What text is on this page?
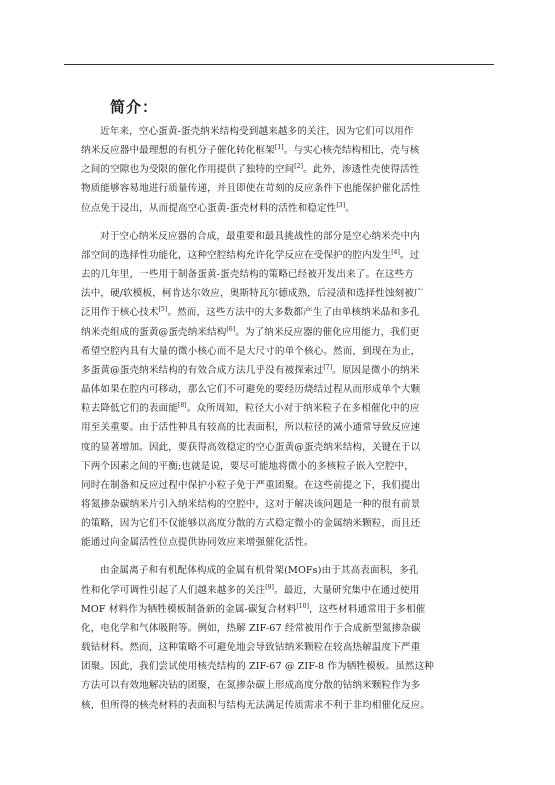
简介：
近年来，空心蛋黄-蛋壳纳米结构受到越来越多的关注，因为它们可以用作
纳米反应器中最理想的有机分子催化转化框架[1]。与实心核壳结构相比，壳与核
之间的空隙也为受限的催化作用提供了独特的空间[2]。此外，渗透性壳使得活性
物质能够容易地进行质量传递，并且即使在苛刻的反应条件下也能保护催化活性
位点免于浸出，从而提高空心蛋黄-蛋壳材料的活性和稳定性[3]。
对于空心纳米反应器的合成，最重要和最具挑战性的部分是空心纳米壳中内
部空间的选择性功能化，这种空腔结构允许化学反应在受保护的腔内发生[4]。过
去的几年里，一些用于制备蛋黄-蛋壳结构的策略已经被开发出来了。在这些方
法中，硬/软模板，柯肯达尔效应，奥斯特瓦尔德成熟，后浸渍和选择性蚀刻被广
泛用作于核心技术[5]。然而，这些方法中的大多数都产生了由单核纳米晶和多孔
纳米壳组成的蛋黄@蛋壳纳米结构[6]。为了纳米反应器的催化应用能力，我们更
希望空腔内具有大量的微小核心而不是大尺寸的单个核心。然而，到现在为止，
多蛋黄@蛋壳纳米结构的有效合成方法几乎没有被探索过[7]。原因是微小的纳米
晶体如果在腔内可移动，那么它们不可避免的要经历烧结过程从而形成单个大颗
粒去降低它们的表面能[8]。众所周知，粒径大小对于纳米粒子在多相催化中的应
用至关重要。由于活性种具有较高的比表面积，所以粒径的减小通常导致反应速
度的显著增加。因此，要获得高效稳定的空心蛋黄@蛋壳纳米结构，关键在于以
下两个因素之间的平衡;也就是说，要尽可能地将微小的多核粒子嵌入空腔中，
同时在制备和反应过程中保护小粒子免于严重团聚。在这些前提之下，我们提出
将氮掺杂碳纳米片引入纳米结构的空腔中，这对于解决该问题是一种的很有前景
的策略，因为它们不仅能够以高度分散的方式稳定微小的金属纳米颗粒，而且还
能通过向金属活性位点提供协同效应来增强催化活性。
由金属离子和有机配体构成的金属有机骨架(MOFs)由于其高表面积，多孔
性和化学可调性引起了人们越来越多的关注[9]。最近，大量研究集中在通过使用
MOF 材料作为牺牲模板制备新的金属-碳复合材料[10]，这些材料通常用于多相催
化，电化学和气体吸附等。例如，热解 ZIF-67 经常被用作于合成新型氮掺杂碳
载钴材料。然而，这种策略不可避免地会导致钴纳米颗粒在较高热解温度下严重
团聚。因此，我们尝试使用核壳结构的 ZIF-67 @ ZIF-8 作为牺牲模板。虽然这种
方法可以有效地解决钴的团聚，在氮掺杂碳上形成高度分散的钴纳米颗粒作为多
核，但所得的核壳材料的表面积与结构无法满足传质需求不利于非均相催化反应。
